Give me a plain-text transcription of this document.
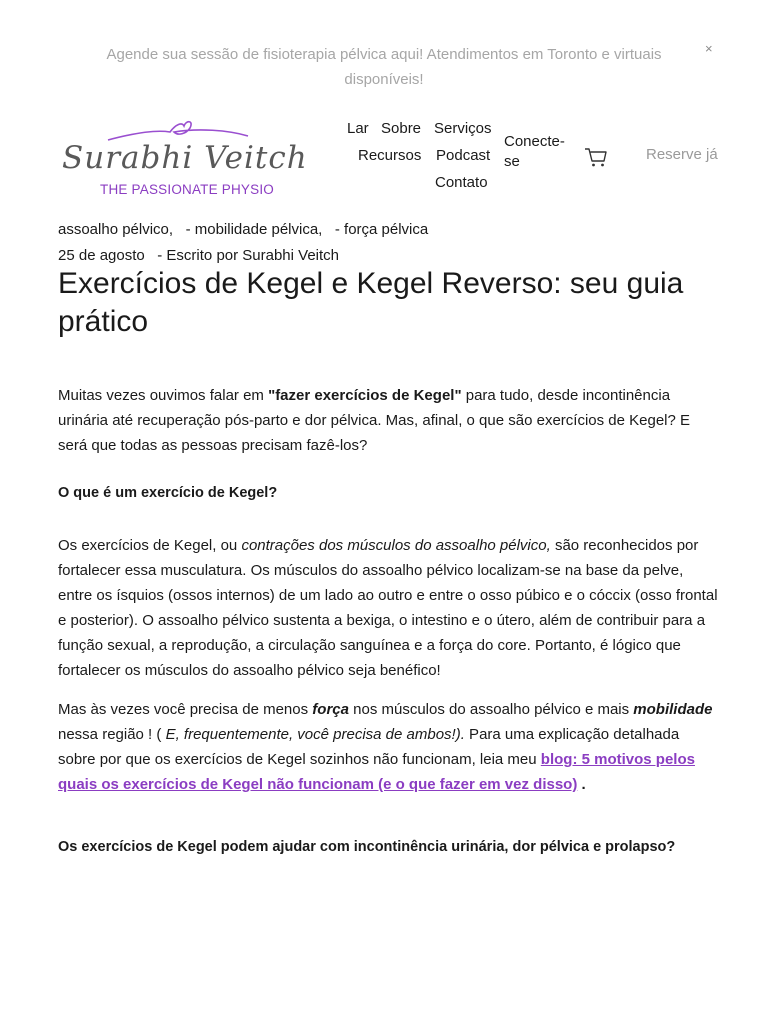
Agende sua sessão de fisioterapia pélvica aqui! Atendimentos em Toronto e virtuais disponíveis!
×
Surabhi Veitch
THE PASSIONATE PHYSIO
Lar Sobre Serviços
Recursos Podcast
Contato
Conecte-
se	Reserve já
assoalho pélvico, - mobilidade pélvica, - força pélvica
25 de agosto - Escrito por Surabhi Veitch
Exercícios de Kegel e Kegel Reverso: seu guia prático

Muitas vezes ouvimos falar em "fazer exercícios de Kegel" para tudo, desde incontinência urinária até recuperação pós-parto e dor pélvica. Mas, afinal, o que são exercícios de Kegel? E será que todas as pessoas precisam fazê-los?

O que é um exercício de Kegel?

Os exercícios de Kegel, ou contrações dos músculos do assoalho pélvico, são reconhecidos por fortalecer essa musculatura. Os músculos do assoalho pélvico localizam-se na base da pelve, entre os ísquios (ossos internos) de um lado ao outro e entre o osso púbico e o cóccix (osso frontal e posterior). O assoalho pélvico sustenta a bexiga, o intestino e o útero, além de contribuir para a função sexual, a reprodução, a circulação sanguínea e a força do core. Portanto, é lógico que fortalecer os músculos do assoalho pélvico seja benéfico!

Mas às vezes você precisa de menos força nos músculos do assoalho pélvico e mais mobilidade nessa região ! ( E, frequentemente, você precisa de ambos!). Para uma explicação detalhada sobre por que os exercícios de Kegel sozinhos não funcionam, leia meu blog: 5 motivos pelos quais os exercícios de Kegel não funcionam (e o que fazer em vez disso) .

Os exercícios de Kegel podem ajudar com incontinência urinária, dor pélvica e prolapso?
